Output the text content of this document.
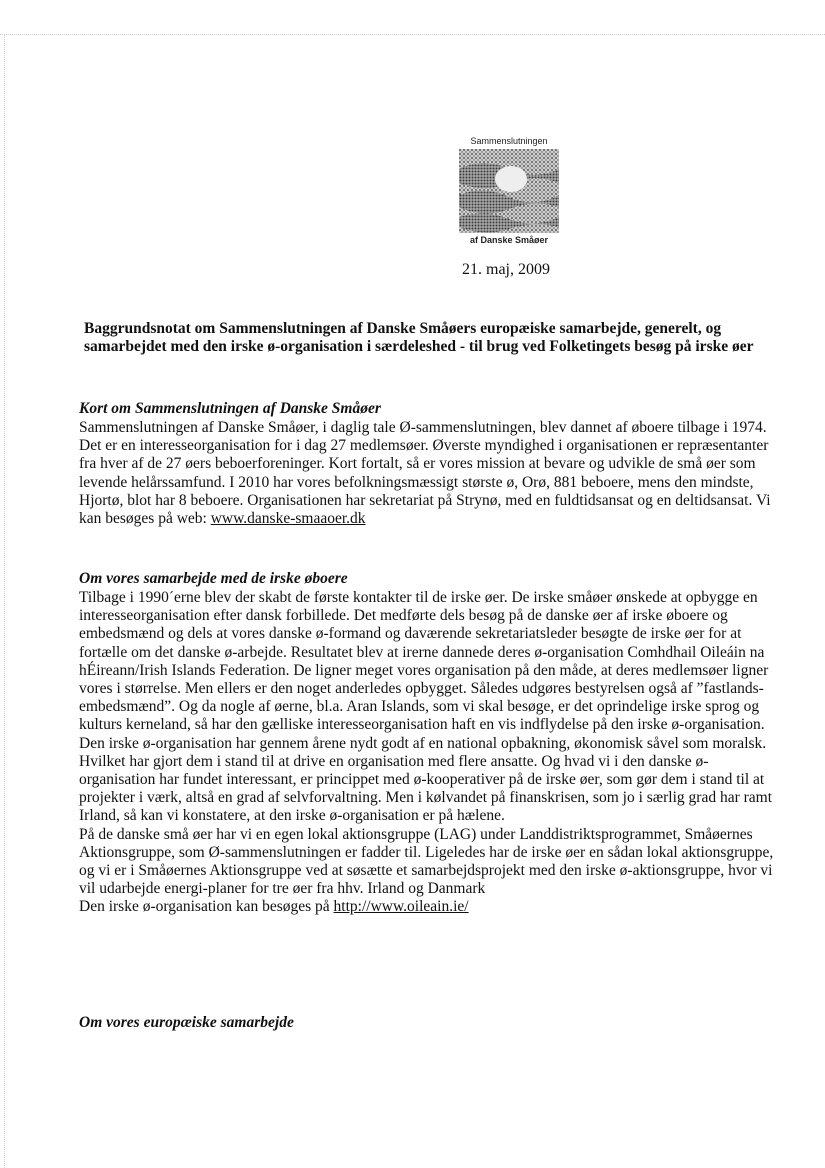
Sammenslutningen
af Danske Småøer
21. maj, 2009
Baggrundsnotat om Sammenslutningen af Danske Småøers europæiske samarbejde, generelt, og samarbejdet med den irske ø-organisation i særdeleshed - til brug ved Folketingets besøg på irske øer
Kort om Sammenslutningen af Danske Småøer

Sammenslutningen af Danske Småøer, i daglig tale Ø-sammenslutningen, blev dannet af øboere tilbage i 1974. Det er en interesseorganisation for i dag 27 medlemsøer. Øverste myndighed i organisationen er repræsentanter fra hver af de 27 øers beboerforeninger. Kort fortalt, så er vores mission at bevare og udvikle de små øer som levende helårssamfund. I 2010 har vores befolkningsmæssigt største ø, Orø, 881 beboere, mens den mindste, Hjortø, blot har 8 beboere. Organisationen har sekretariat på Strynø, med en fuldtidsansat og en deltidsansat. Vi kan besøges på web: www.danske-smaaoer.dk

Om vores samarbejde med de irske øboere

Tilbage i 1990´erne blev der skabt de første kontakter til de irske øer. De irske småøer ønskede at opbygge en interesseorganisation efter dansk forbillede. Det medførte dels besøg på de danske øer af irske øboere og embedsmænd og dels at vores danske ø-formand og daværende sekretariatsleder besøgte de irske øer for at fortælle om det danske ø-arbejde. Resultatet blev at irerne dannede deres ø-organisation Comhdhail Oileáin na hÉireann/Irish Islands Federation. De ligner meget vores organisation på den måde, at deres medlemsøer ligner vores i størrelse. Men ellers er den noget anderledes opbygget. Således udgøres bestyrelsen også af ”fastlands-embedsmænd”. Og da nogle af øerne, bl.a. Aran Islands, som vi skal besøge, er det oprindelige irske sprog og kulturs kerneland, så har den gælliske interesseorganisation haft en vis indflydelse på den irske ø-organisation.

Den irske ø-organisation har gennem årene nydt godt af en national opbakning, økonomisk såvel som moralsk. Hvilket har gjort dem i stand til at drive en organisation med flere ansatte. Og hvad vi i den danske ø-organisation har fundet interessant, er princippet med ø-kooperativer på de irske øer, som gør dem i stand til at projekter i værk, altså en grad af selvforvaltning. Men i kølvandet på finanskrisen, som jo i særlig grad har ramt Irland, så kan vi konstatere, at den irske ø-organisation er på hælene.

På de danske små øer har vi en egen lokal aktionsgruppe (LAG) under Landdistriktsprogrammet, Småøernes Aktionsgruppe, som Ø-sammenslutningen er fadder til. Ligeledes har de irske øer en sådan lokal aktionsgruppe, og vi er i Småøernes Aktionsgruppe ved at søsætte et samarbejdsprojekt med den irske ø-aktionsgruppe, hvor vi vil udarbejde energi-planer for tre øer fra hhv. Irland og Danmark

Den irske ø-organisation kan besøges på http://www.oileain.ie/

Om vores europæiske samarbejde
